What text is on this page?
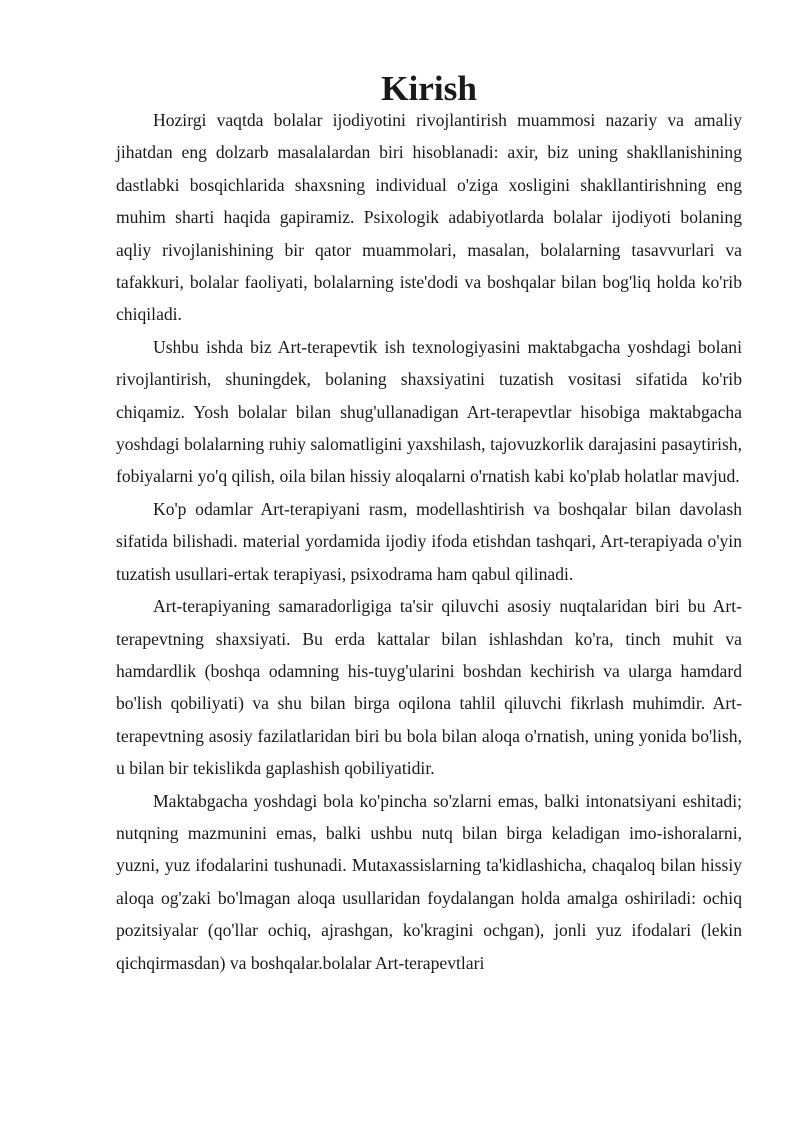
Kirish

Hozirgi vaqtda bolalar ijodiyotini rivojlantirish muammosi nazariy va amaliy jihatdan eng dolzarb masalalardan biri hisoblanadi: axir, biz uning shakllanishining dastlabki bosqichlarida shaxsning individual o'ziga xosligini shakllantirishning eng muhim sharti haqida gapiramiz. Psixologik adabiyotlarda bolalar ijodiyoti bolaning aqliy rivojlanishining bir qator muammolari, masalan, bolalarning tasavvurlari va tafakkuri, bolalar faoliyati, bolalarning iste'dodi va boshqalar bilan bog'liq holda ko'rib chiqiladi.

Ushbu ishda biz Art-terapevtik ish texnologiyasini maktabgacha yoshdagi bolani rivojlantirish, shuningdek, bolaning shaxsiyatini tuzatish vositasi sifatida ko'rib chiqamiz. Yosh bolalar bilan shug'ullanadigan Art-terapevtlar hisobiga maktabgacha yoshdagi bolalarning ruhiy salomatligini yaxshilash, tajovuzkorlik darajasini pasaytirish, fobiyalarni yo'q qilish, oila bilan hissiy aloqalarni o'rnatish kabi ko'plab holatlar mavjud.

Ko'p odamlar Art-terapiyani rasm, modellashtirish va boshqalar bilan davolash sifatida bilishadi. material yordamida ijodiy ifoda etishdan tashqari, Art-terapiyada o'yin tuzatish usullari-ertak terapiyasi, psixodrama ham qabul qilinadi.

Art-terapiyaning samaradorligiga ta'sir qiluvchi asosiy nuqtalaridan biri bu Art-terapevtning shaxsiyati. Bu erda kattalar bilan ishlashdan ko'ra, tinch muhit va hamdardlik (boshqa odamning his-tuyg'ularini boshdan kechirish va ularga hamdard bo'lish qobiliyati) va shu bilan birga oqilona tahlil qiluvchi fikrlash muhimdir. Art-terapevtning asosiy fazilatlaridan biri bu bola bilan aloqa o'rnatish, uning yonida bo'lish, u bilan bir tekislikda gaplashish qobiliyatidir.

Maktabgacha yoshdagi bola ko'pincha so'zlarni emas, balki intonatsiyani eshitadi; nutqning mazmunini emas, balki ushbu nutq bilan birga keladigan imo-ishoralarni, yuzni, yuz ifodalarini tushunadi. Mutaxassislarning ta'kidlashicha, chaqaloq bilan hissiy aloqa og'zaki bo'lmagan aloqa usullaridan foydalangan holda amalga oshiriladi: ochiq pozitsiyalar (qo'llar ochiq, ajrashgan, ko'kragini ochgan), jonli yuz ifodalari (lekin qichqirmasdan) va boshqalar.bolalar Art-terapevtlari
